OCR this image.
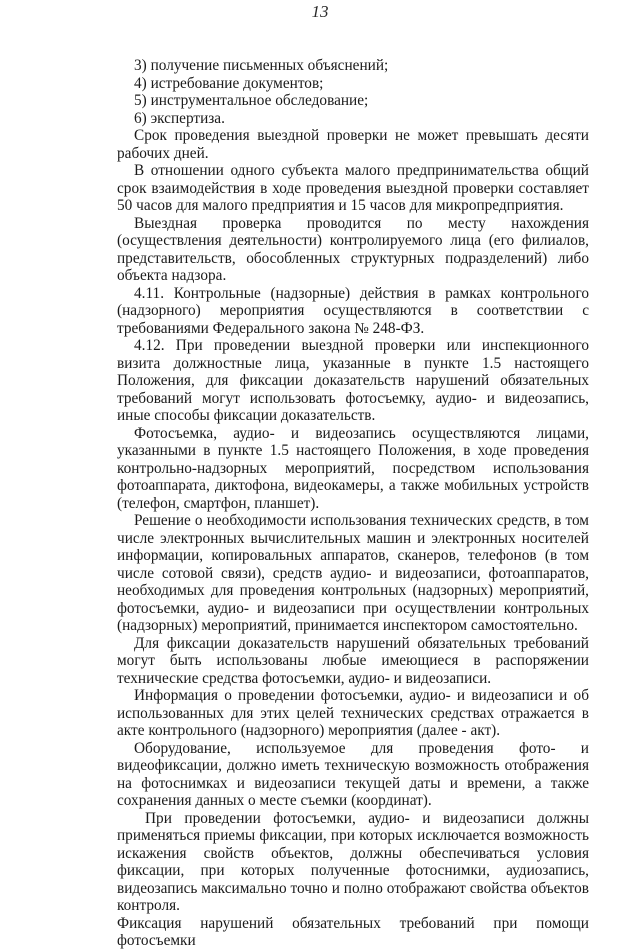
13

3) получение письменных объяснений;

4) истребование документов;

5) инструментальное обследование;

6) экспертиза.

Срок проведения выездной проверки не может превышать десяти рабочих дней.

В отношении одного субъекта малого предпринимательства общий срок взаимодействия в ходе проведения выездной проверки составляет 50 часов для малого предприятия и 15 часов для микропредприятия.

Выездная проверка проводится по месту нахождения (осуществления деятельности) контролируемого лица (его филиалов, представительств, обособленных структурных подразделений) либо объекта надзора.

4.11. Контрольные (надзорные) действия в рамках контрольного (надзорного) мероприятия осуществляются в соответствии с требованиями Федерального закона № 248-ФЗ.

4.12. При проведении выездной проверки или инспекционного визита должностные лица, указанные в пункте 1.5 настоящего Положения, для фиксации доказательств нарушений обязательных требований могут использовать фотосъемку, аудио- и видеозапись, иные способы фиксации доказательств.

Фотосъемка, аудио- и видеозапись осуществляются лицами, указанными в пункте 1.5 настоящего Положения, в ходе проведения контрольно-надзорных мероприятий, посредством использования фотоаппарата, диктофона, видеокамеры, а также мобильных устройств (телефон, смартфон, планшет).

Решение о необходимости использования технических средств, в том числе электронных вычислительных машин и электронных носителей информации, копировальных аппаратов, сканеров, телефонов (в том числе сотовой связи), средств аудио- и видеозаписи, фотоаппаратов, необходимых для проведения контрольных (надзорных) мероприятий, фотосъемки, аудио- и видеозаписи при осуществлении контрольных (надзорных) мероприятий, принимается инспектором самостоятельно.

Для фиксации доказательств нарушений обязательных требований могут быть использованы любые имеющиеся в распоряжении технические средства фотосъемки, аудио- и видеозаписи.

Информация о проведении фотосъемки, аудио- и видеозаписи и об использованных для этих целей технических средствах отражается в акте контрольного (надзорного) мероприятия (далее - акт).

Оборудование, используемое для проведения фото- и видеофиксации, должно иметь техническую возможность отображения на фотоснимках и видеозаписи текущей даты и времени, а также сохранения данных о месте съемки (координат).

При проведении фотосъемки, аудио- и видеозаписи должны применяться приемы фиксации, при которых исключается возможность искажения свойств объектов, должны обеспечиваться условия фиксации, при которых полученные фотоснимки, аудиозапись, видеозапись максимально точно и полно отображают свойства объектов контроля.

Фиксация нарушений обязательных требований при помощи фотосъемки
